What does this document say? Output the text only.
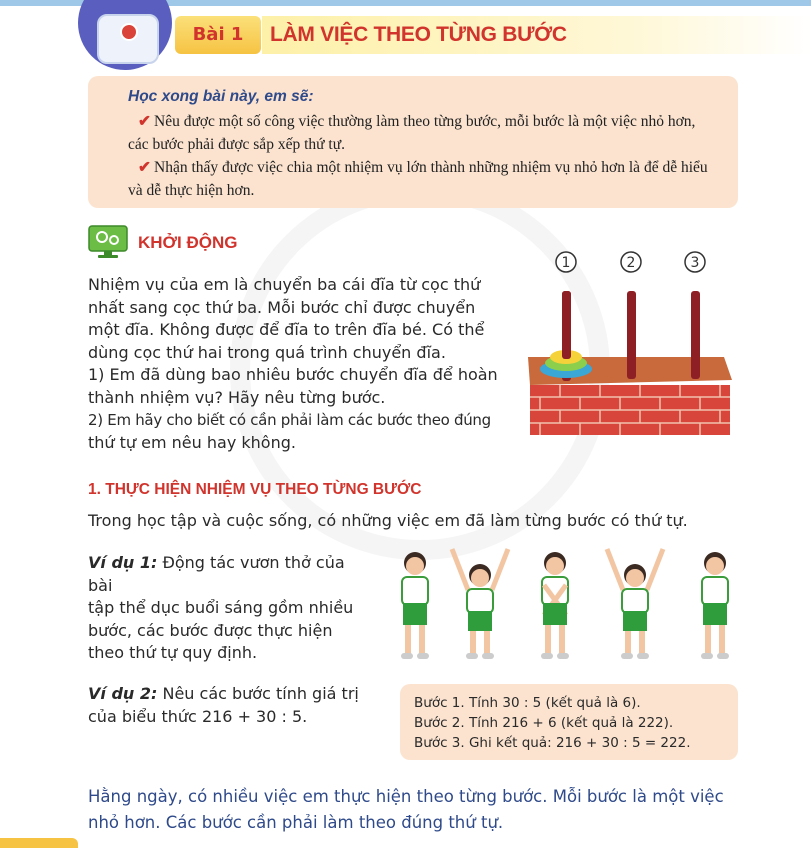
Bài 1	LÀM VIỆC THEO TỪNG BƯỚC
Học xong bài này, em sẽ:
✔ Nêu được một số công việc thường làm theo từng bước, mỗi bước là một việc nhỏ hơn, các bước phải được sắp xếp thứ tự.
✔ Nhận thấy được việc chia một nhiệm vụ lớn thành những nhiệm vụ nhỏ hơn là để dễ hiểu và dễ thực hiện hơn.
KHỞI ĐỘNG
Nhiệm vụ của em là chuyển ba cái đĩa từ cọc thứ
nhất sang cọc thứ ba. Mỗi bước chỉ được chuyển
một đĩa. Không được để đĩa to trên đĩa bé. Có thể
dùng cọc thứ hai trong quá trình chuyển đĩa.
1) Em đã dùng bao nhiêu bước chuyển đĩa để hoàn
thành nhiệm vụ? Hãy nêu từng bước.
2) Em hãy cho biết có cần phải làm các bước theo đúng
thứ tự em nêu hay không.
1	2	3
1. THỰC HIỆN NHIỆM VỤ THEO TỪNG BƯỚC
Trong học tập và cuộc sống, có những việc em đã làm từng bước có thứ tự.
Ví dụ 1: Động tác vươn thở của bài
tập thể dục buổi sáng gồm nhiều
bước, các bước được thực hiện
theo thứ tự quy định.
Ví dụ 2: Nêu các bước tính giá trị
của biểu thức 216 + 30 : 5.
Bước 1. Tính 30 : 5 (kết quả là 6).
Bước 2. Tính 216 + 6 (kết quả là 222).
Bước 3. Ghi kết quả: 216 + 30 : 5 = 222.
Hằng ngày, có nhiều việc em thực hiện theo từng bước. Mỗi bước là một việc
nhỏ hơn. Các bước cần phải làm theo đúng thứ tự.
